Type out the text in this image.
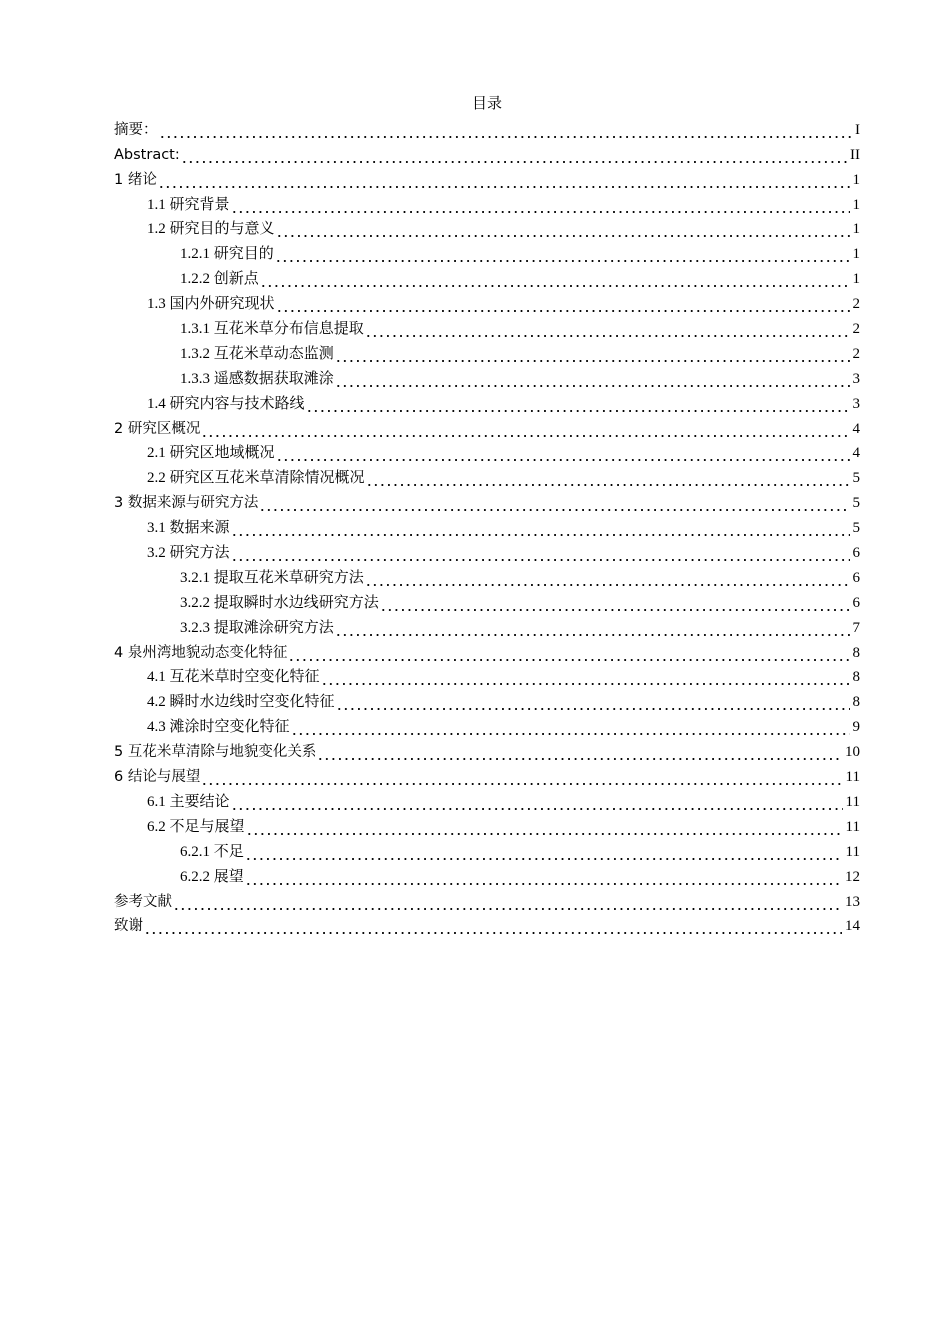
目录
摘要：	I
Abstract:	II
1 绪论	1
1.1 研究背景	1
1.2 研究目的与意义	1
1.2.1 研究目的	1
1.2.2 创新点	1
1.3 国内外研究现状	2
1.3.1 互花米草分布信息提取	2
1.3.2 互花米草动态监测	2
1.3.3 遥感数据获取滩涂	3
1.4 研究内容与技术路线	3
2 研究区概况	4
2.1 研究区地域概况	4
2.2 研究区互花米草清除情况概况	5
3 数据来源与研究方法	5
3.1 数据来源	5
3.2 研究方法	6
3.2.1 提取互花米草研究方法	6
3.2.2 提取瞬时水边线研究方法	6
3.2.3 提取滩涂研究方法	7
4 泉州湾地貌动态变化特征	8
4.1 互花米草时空变化特征	8
4.2 瞬时水边线时空变化特征	8
4.3 滩涂时空变化特征	9
5 互花米草清除与地貌变化关系	10
6 结论与展望	11
6.1 主要结论	11
6.2 不足与展望	11
6.2.1 不足	11
6.2.2 展望	12
参考文献	13
致谢	14
